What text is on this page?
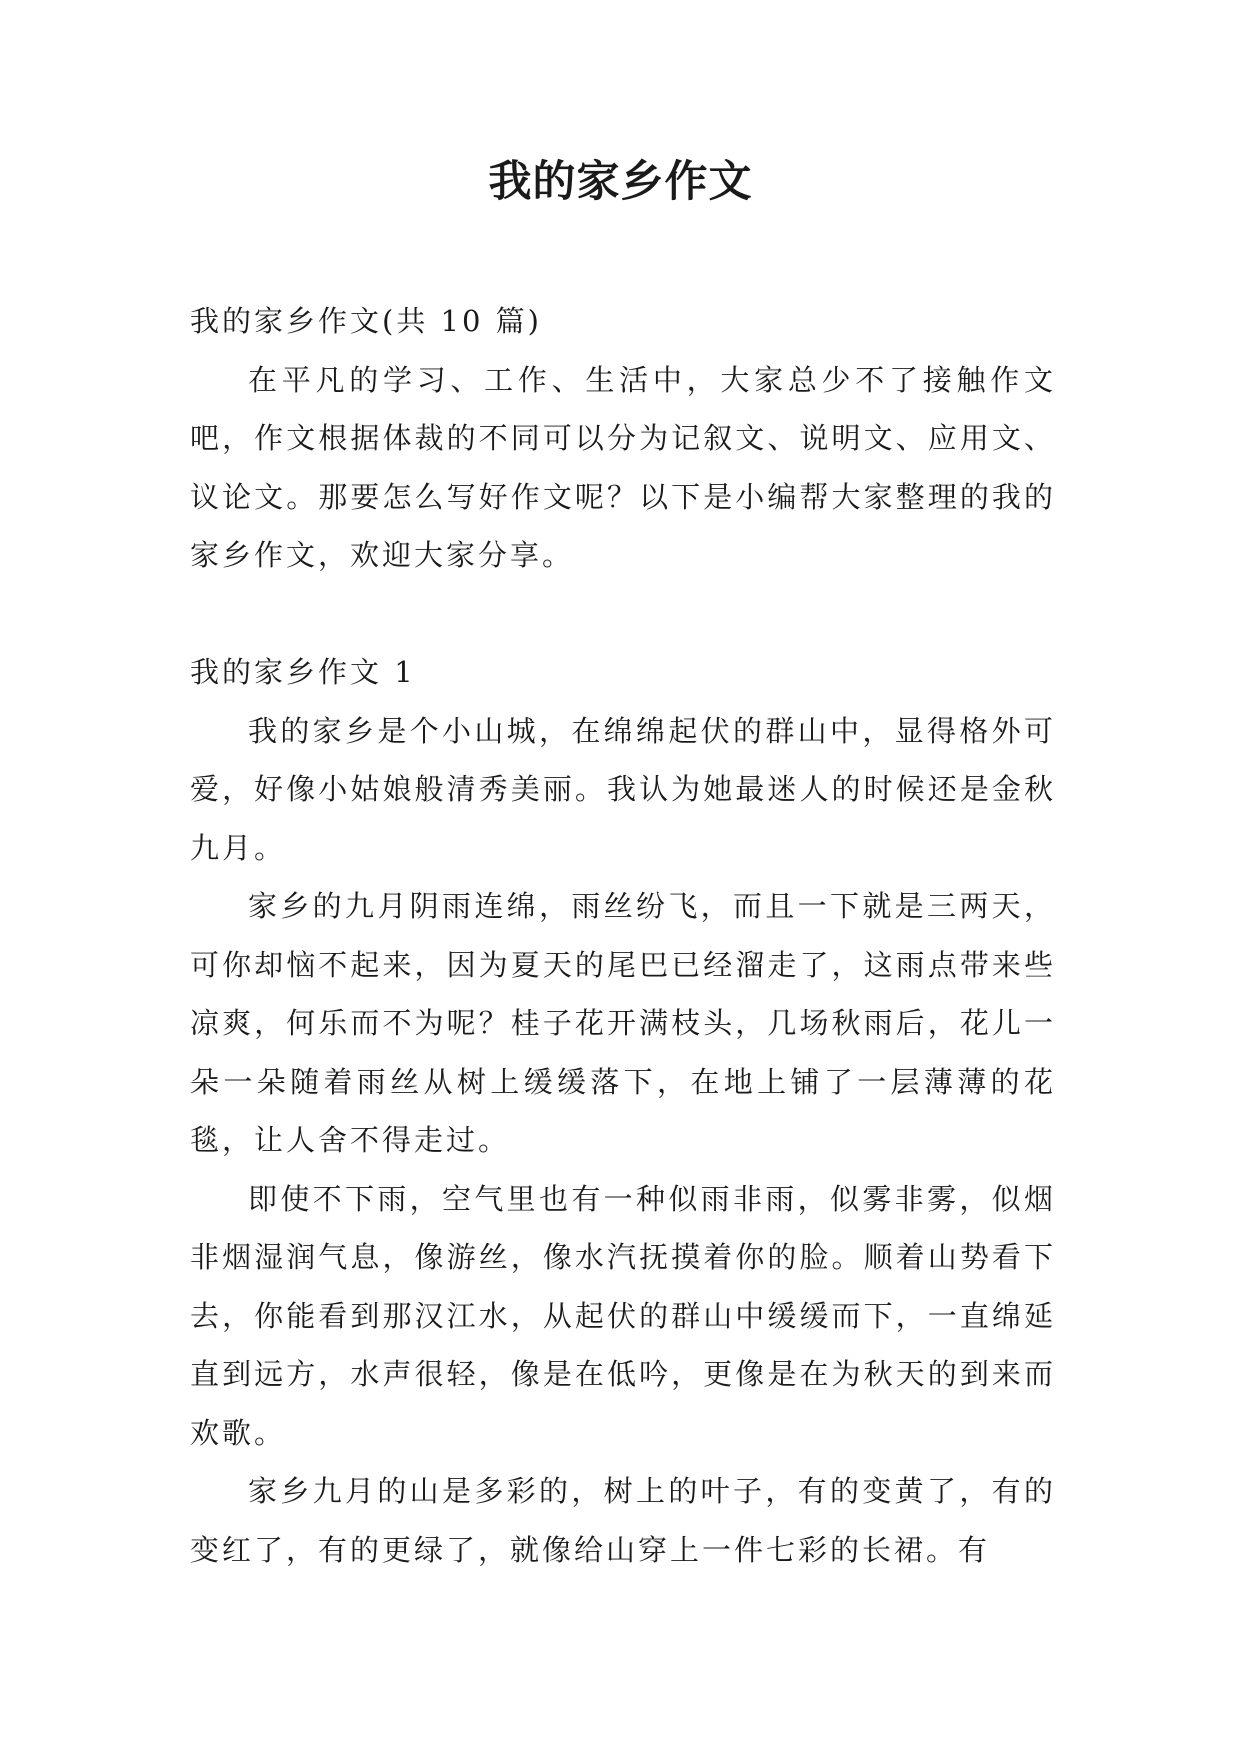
我的家乡作文

我的家乡作文(共 10 篇)

在平凡的学习、工作、生活中，大家总少不了接触作文吧，作文根据体裁的不同可以分为记叙文、说明文、应用文、议论文。那要怎么写好作文呢？以下是小编帮大家整理的我的家乡作文，欢迎大家分享。

我的家乡作文 1

我的家乡是个小山城，在绵绵起伏的群山中，显得格外可爱，好像小姑娘般清秀美丽。我认为她最迷人的时候还是金秋九月。

家乡的九月阴雨连绵，雨丝纷飞，而且一下就是三两天，可你却恼不起来，因为夏天的尾巴已经溜走了，这雨点带来些凉爽，何乐而不为呢？桂子花开满枝头，几场秋雨后，花儿一朵一朵随着雨丝从树上缓缓落下，在地上铺了一层薄薄的花毯，让人舍不得走过。

即使不下雨，空气里也有一种似雨非雨，似雾非雾，似烟非烟湿润气息，像游丝，像水汽抚摸着你的脸。顺着山势看下去，你能看到那汉江水，从起伏的群山中缓缓而下，一直绵延直到远方，水声很轻，像是在低吟，更像是在为秋天的到来而欢歌。

家乡九月的山是多彩的，树上的叶子，有的变黄了，有的变红了，有的更绿了，就像给山穿上一件七彩的长裙。有
